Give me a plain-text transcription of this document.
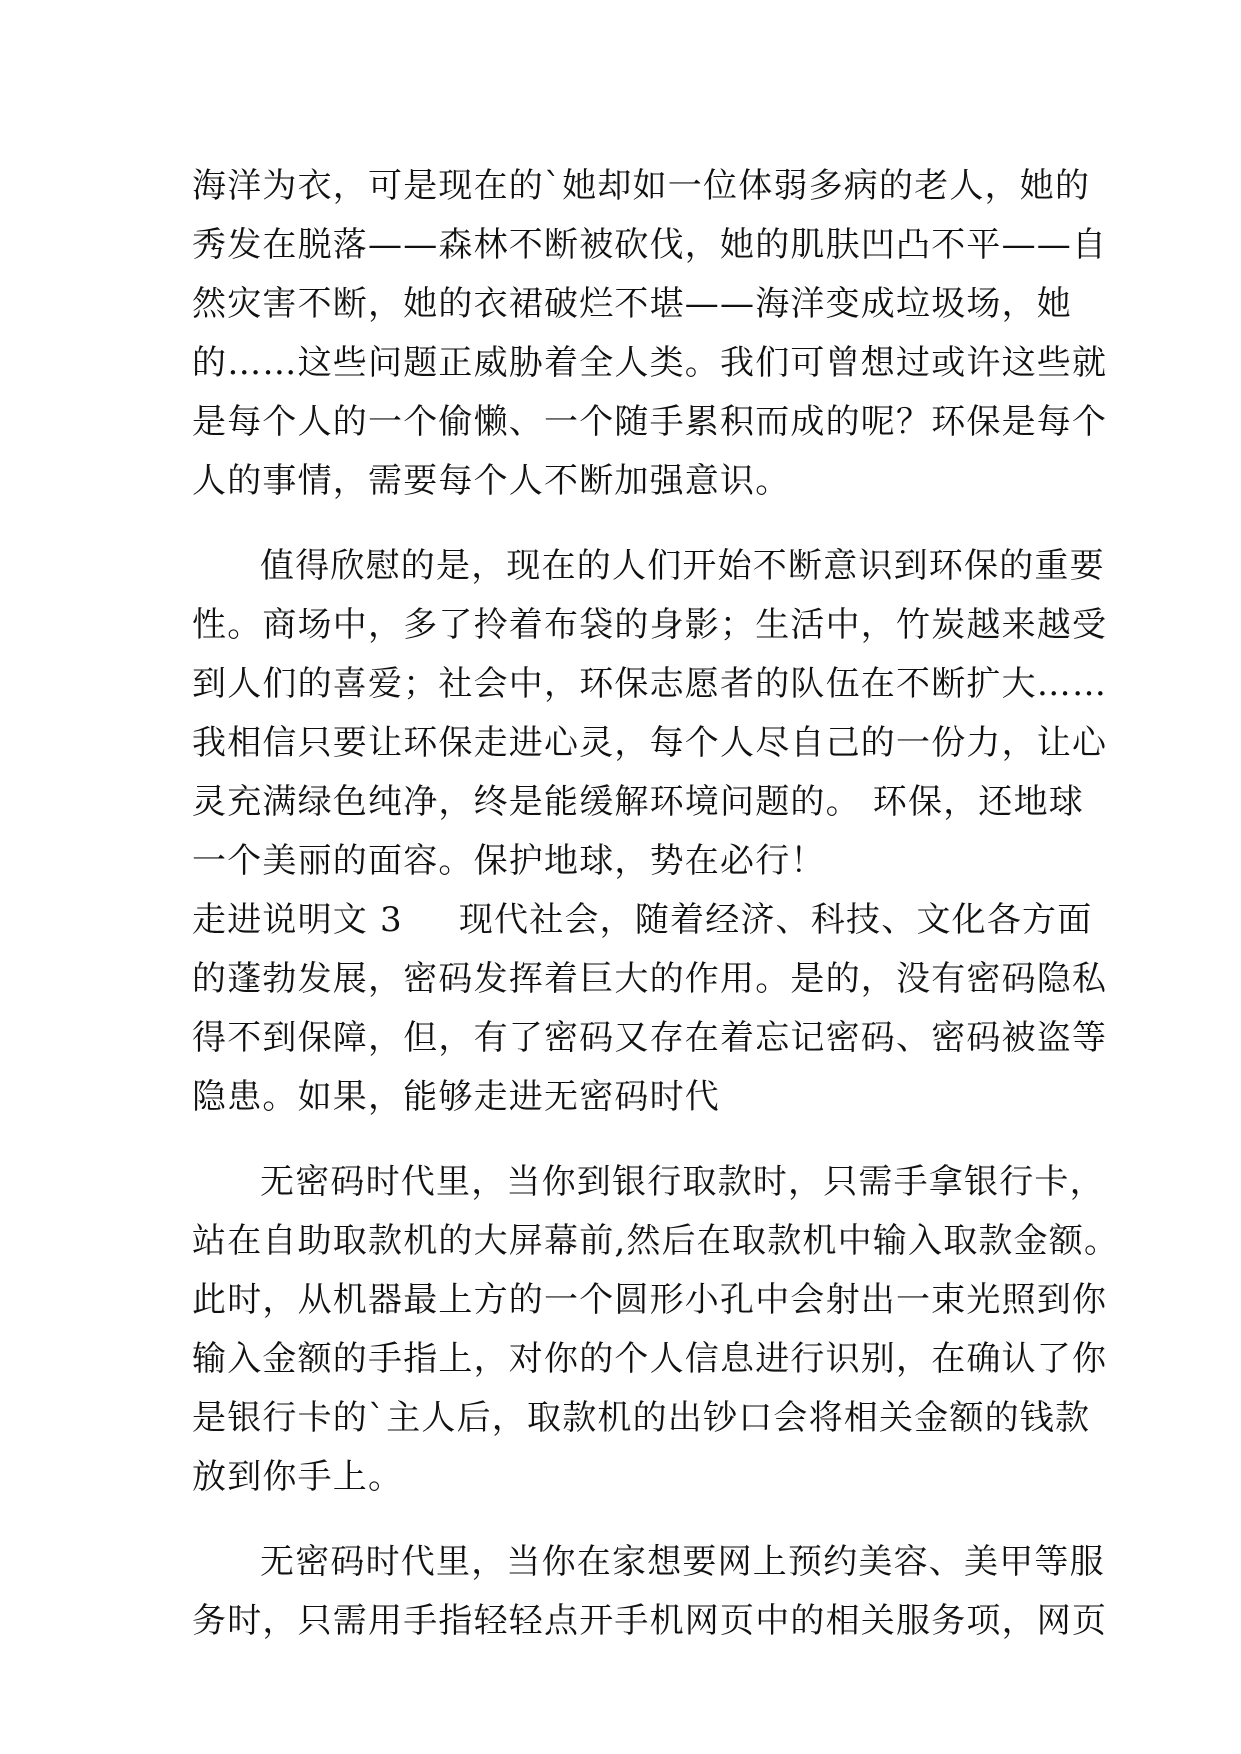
海洋为衣，可是现在的`她却如一位体弱多病的老人，她的
秀发在脱落——森林不断被砍伐，她的肌肤凹凸不平——自
然灾害不断，她的衣裙破烂不堪——海洋变成垃圾场，她
的……这些问题正威胁着全人类。我们可曾想过或许这些就
是每个人的一个偷懒、一个随手累积而成的呢？环保是每个
人的事情，需要每个人不断加强意识。
值得欣慰的是，现在的人们开始不断意识到环保的重要
性。商场中，多了拎着布袋的身影；生活中，竹炭越来越受
到人们的喜爱；社会中，环保志愿者的队伍在不断扩大……
我相信只要让环保走进心灵，每个人尽自己的一份力，让心
灵充满绿色纯净，终是能缓解环境问题的。 环保，还地球
一个美丽的面容。保护地球，势在必行！
走进说明文 3 现代社会，随着经济、科技、文化各方面
的蓬勃发展，密码发挥着巨大的作用。是的，没有密码隐私
得不到保障，但，有了密码又存在着忘记密码、密码被盗等
隐患。如果，能够走进无密码时代
无密码时代里，当你到银行取款时，只需手拿银行卡，
站在自助取款机的大屏幕前,然后在取款机中输入取款金额。
此时，从机器最上方的一个圆形小孔中会射出一束光照到你
输入金额的手指上，对你的个人信息进行识别，在确认了你
是银行卡的`主人后，取款机的出钞口会将相关金额的钱款
放到你手上。
无密码时代里，当你在家想要网上预约美容、美甲等服
务时，只需用手指轻轻点开手机网页中的相关服务项，网页
